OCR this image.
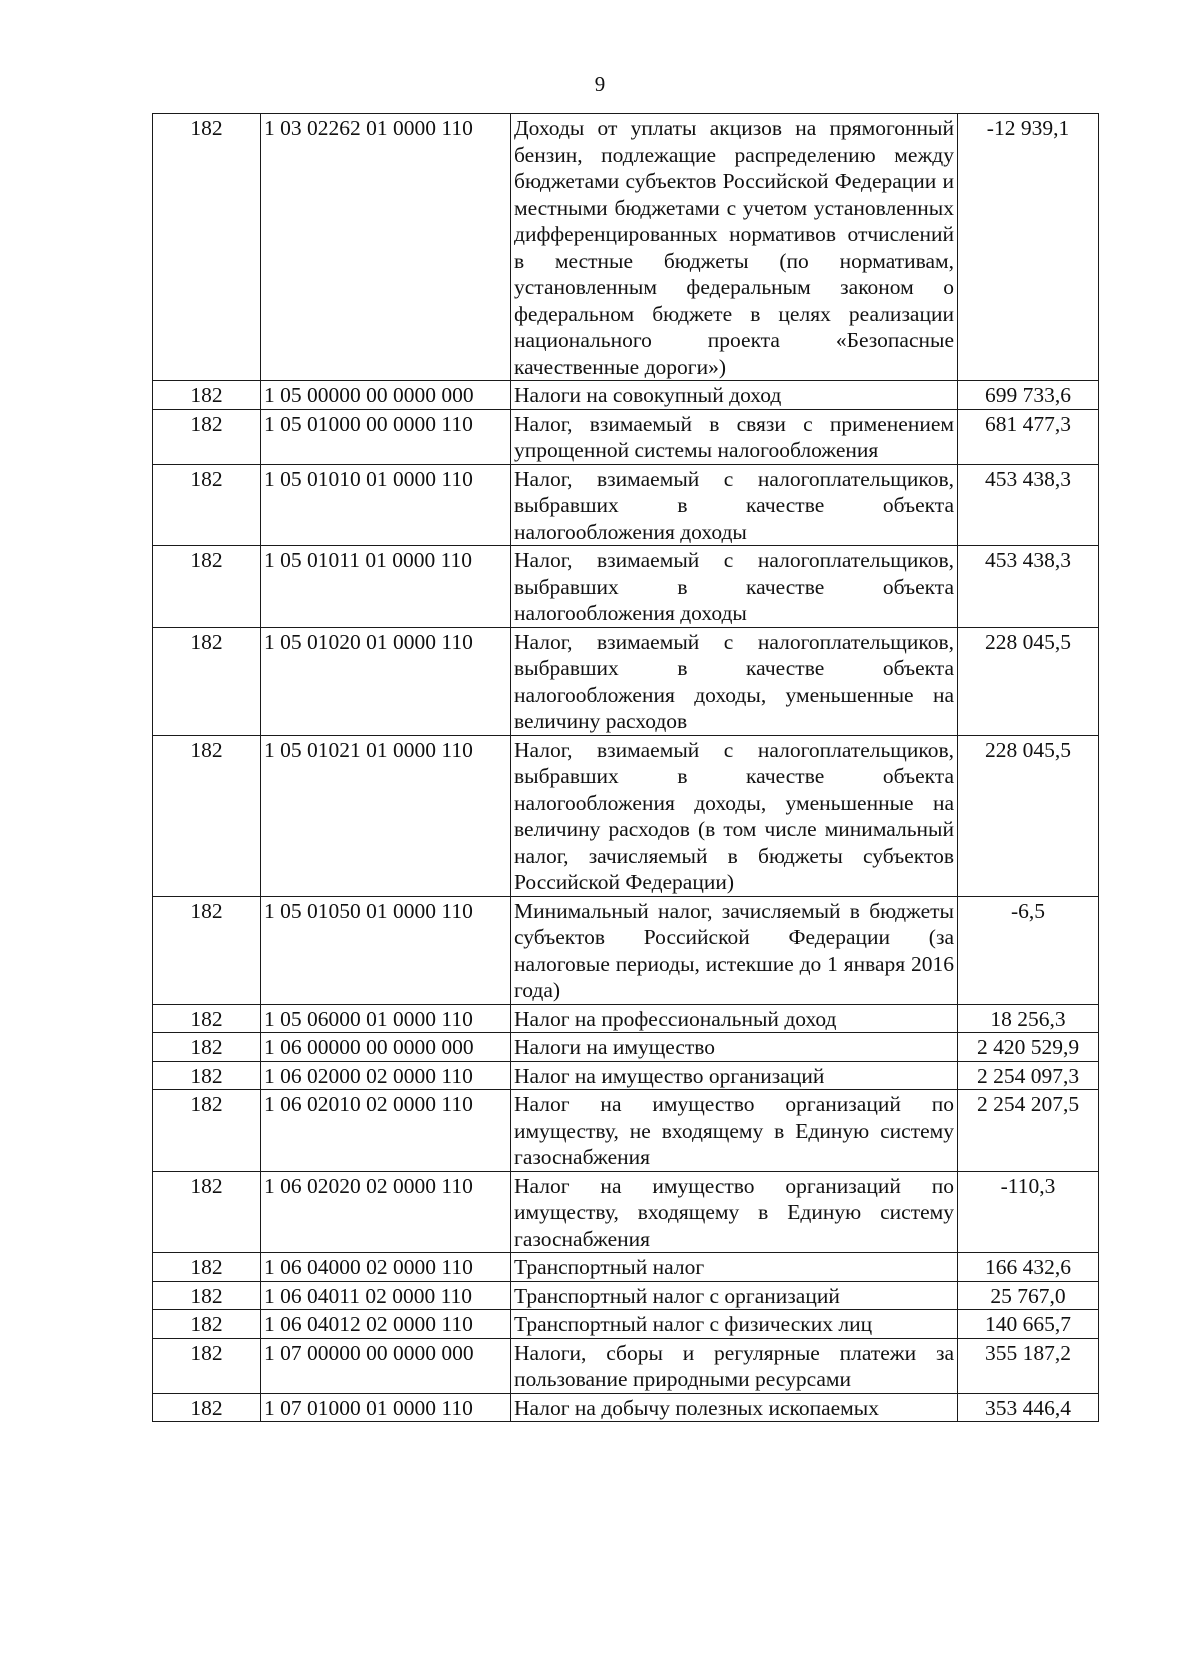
9
182	1 03 02262 01 0000 110	Доходы от уплаты акцизов на прямогонный бензин, подлежащие распределению между бюджетами субъектов Российской Федерации и местными бюджетами с учетом установленных дифференцированных нормативов отчислений в местные бюджеты (по нормативам, установленным федеральным законом о федеральном бюджете в целях реализации национального проекта «Безопасные качественные дороги»)	-12 939,1
182	1 05 00000 00 0000 000	Налоги на совокупный доход	699 733,6
182	1 05 01000 00 0000 110	Налог, взимаемый в связи с применением упрощенной системы налогообложения	681 477,3
182	1 05 01010 01 0000 110	Налог, взимаемый с налогоплательщиков, выбравших в качестве объекта налогообложения доходы	453 438,3
182	1 05 01011 01 0000 110	Налог, взимаемый с налогоплательщиков, выбравших в качестве объекта налогообложения доходы	453 438,3
182	1 05 01020 01 0000 110	Налог, взимаемый с налогоплательщиков, выбравших в качестве объекта налогообложения доходы, уменьшенные на величину расходов	228 045,5
182	1 05 01021 01 0000 110	Налог, взимаемый с налогоплательщиков, выбравших в качестве объекта налогообложения доходы, уменьшенные на величину расходов (в том числе минимальный налог, зачисляемый в бюджеты субъектов Российской Федерации)	228 045,5
182	1 05 01050 01 0000 110	Минимальный налог, зачисляемый в бюджеты субъектов Российской Федерации (за налоговые периоды, истекшие до 1 января 2016 года)	-6,5
182	1 05 06000 01 0000 110	Налог на профессиональный доход	18 256,3
182	1 06 00000 00 0000 000	Налоги на имущество	2 420 529,9
182	1 06 02000 02 0000 110	Налог на имущество организаций	2 254 097,3
182	1 06 02010 02 0000 110	Налог на имущество организаций по имуществу, не входящему в Единую систему газоснабжения	2 254 207,5
182	1 06 02020 02 0000 110	Налог на имущество организаций по имуществу, входящему в Единую систему газоснабжения	-110,3
182	1 06 04000 02 0000 110	Транспортный налог	166 432,6
182	1 06 04011 02 0000 110	Транспортный налог с организаций	25 767,0
182	1 06 04012 02 0000 110	Транспортный налог с физических лиц	140 665,7
182	1 07 00000 00 0000 000	Налоги, сборы и регулярные платежи за пользование природными ресурсами	355 187,2
182	1 07 01000 01 0000 110	Налог на добычу полезных ископаемых	353 446,4
